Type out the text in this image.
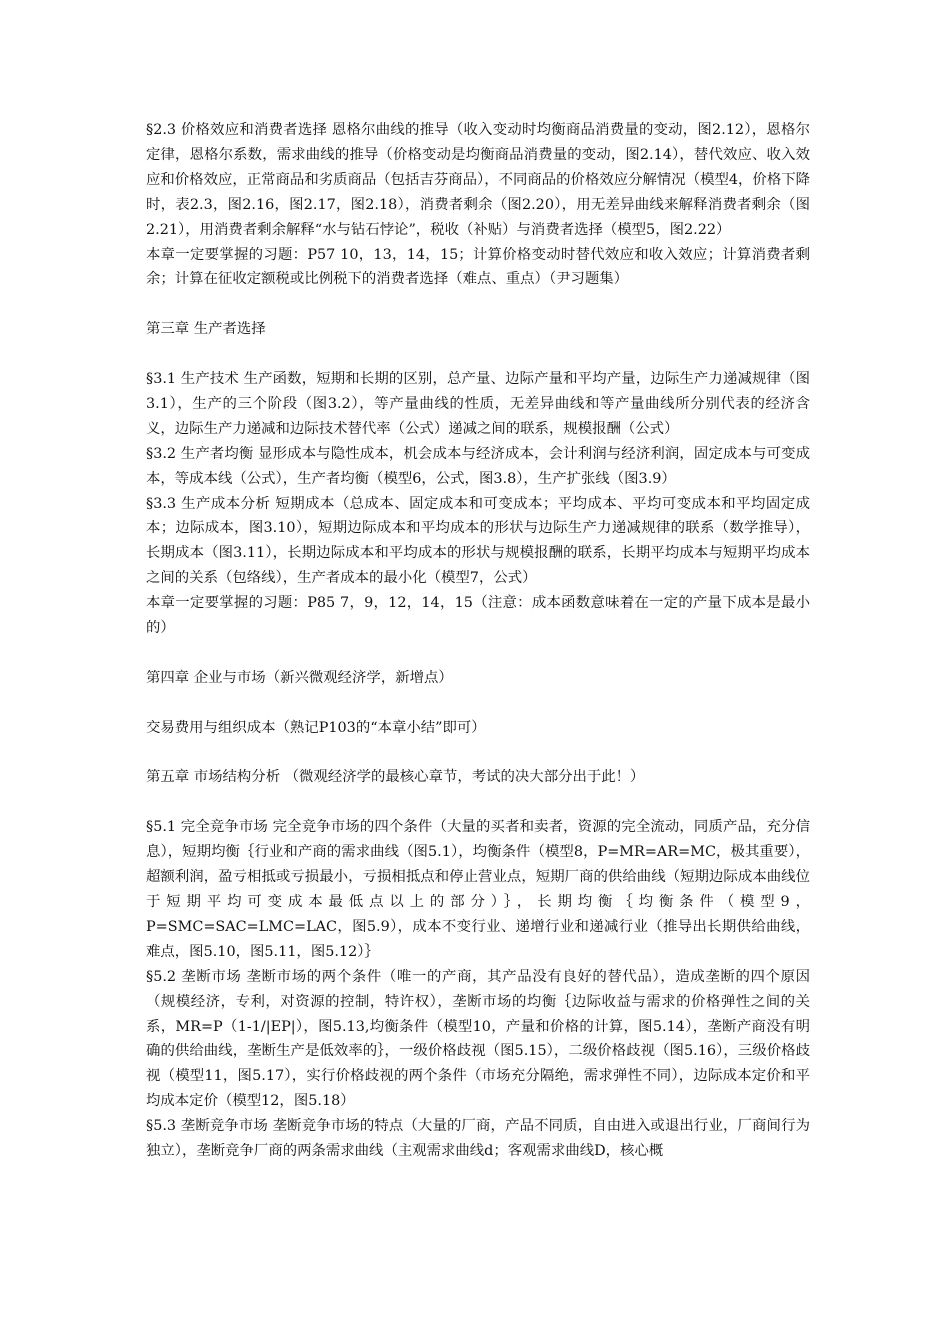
§2.3 价格效应和消费者选择 恩格尔曲线的推导（收入变动时均衡商品消费量的变动，图2.12），恩格尔定律，恩格尔系数，需求曲线的推导（价格变动是均衡商品消费量的变动，图2.14），替代效应、收入效应和价格效应，正常商品和劣质商品（包括吉芬商品），不同商品的价格效应分解情况（模型4，价格下降时，表2.3，图2.16，图2.17，图2.18），消费者剩余（图2.20），用无差异曲线来解释消费者剩余（图2.21），用消费者剩余解释“水与钻石悖论”，税收（补贴）与消费者选择（模型5，图2.22）

本章一定要掌握的习题：P57 10，13，14，15；计算价格变动时替代效应和收入效应；计算消费者剩余；计算在征收定额税或比例税下的消费者选择（难点、重点）（尹习题集）

第三章 生产者选择

§3.1 生产技术 生产函数，短期和长期的区别，总产量、边际产量和平均产量，边际生产力递减规律（图3.1），生产的三个阶段（图3.2），等产量曲线的性质，无差异曲线和等产量曲线所分别代表的经济含义，边际生产力递减和边际技术替代率（公式）递减之间的联系，规模报酬（公式）

§3.2 生产者均衡 显形成本与隐性成本，机会成本与经济成本，会计利润与经济利润，固定成本与可变成本，等成本线（公式），生产者均衡（模型6，公式，图3.8），生产扩张线（图3.9）

§3.3 生产成本分析 短期成本（总成本、固定成本和可变成本；平均成本、平均可变成本和平均固定成本；边际成本，图3.10），短期边际成本和平均成本的形状与边际生产力递减规律的联系（数学推导），长期成本（图3.11），长期边际成本和平均成本的形状与规模报酬的联系，长期平均成本与短期平均成本之间的关系（包络线），生产者成本的最小化（模型7，公式）

本章一定要掌握的习题：P85 7，9，12，14，15（注意：成本函数意味着在一定的产量下成本是最小的）

第四章 企业与市场（新兴微观经济学，新增点）

交易费用与组织成本（熟记P103的“本章小结”即可）

第五章 市场结构分析 （微观经济学的最核心章节，考试的决大部分出于此！）

§5.1 完全竞争市场 完全竞争市场的四个条件（大量的买者和卖者，资源的完全流动，同质产品，充分信息），短期均衡｛行业和产商的需求曲线（图5.1），均衡条件（模型8，P=MR=AR=MC，极其重要），超额利润，盈亏相抵或亏损最小，亏损相抵点和停止营业点，短期厂商的供给曲线（短期边际成本曲线位于短期平均可变成本最低点以上的部分）｝，长期均衡｛均衡条件（模型9，P=SMC=SAC=LMC=LAC，图5.9），成本不变行业、递增行业和递减行业（推导出长期供给曲线，难点，图5.10，图5.11，图5.12）｝

§5.2 垄断市场 垄断市场的两个条件（唯一的产商，其产品没有良好的替代品），造成垄断的四个原因（规模经济，专利，对资源的控制，特许权），垄断市场的均衡｛边际收益与需求的价格弹性之间的关系，MR=P（1-1/|EP|），图5.13,均衡条件（模型10，产量和价格的计算，图5.14），垄断产商没有明确的供给曲线，垄断生产是低效率的｝，一级价格歧视（图5.15），二级价格歧视（图5.16），三级价格歧视（模型11，图5.17），实行价格歧视的两个条件（市场充分隔绝，需求弹性不同），边际成本定价和平均成本定价（模型12，图5.18）

§5.3 垄断竞争市场 垄断竞争市场的特点（大量的厂商，产品不同质，自由进入或退出行业，厂商间行为独立），垄断竞争厂商的两条需求曲线（主观需求曲线d；客观需求曲线D，核心概
